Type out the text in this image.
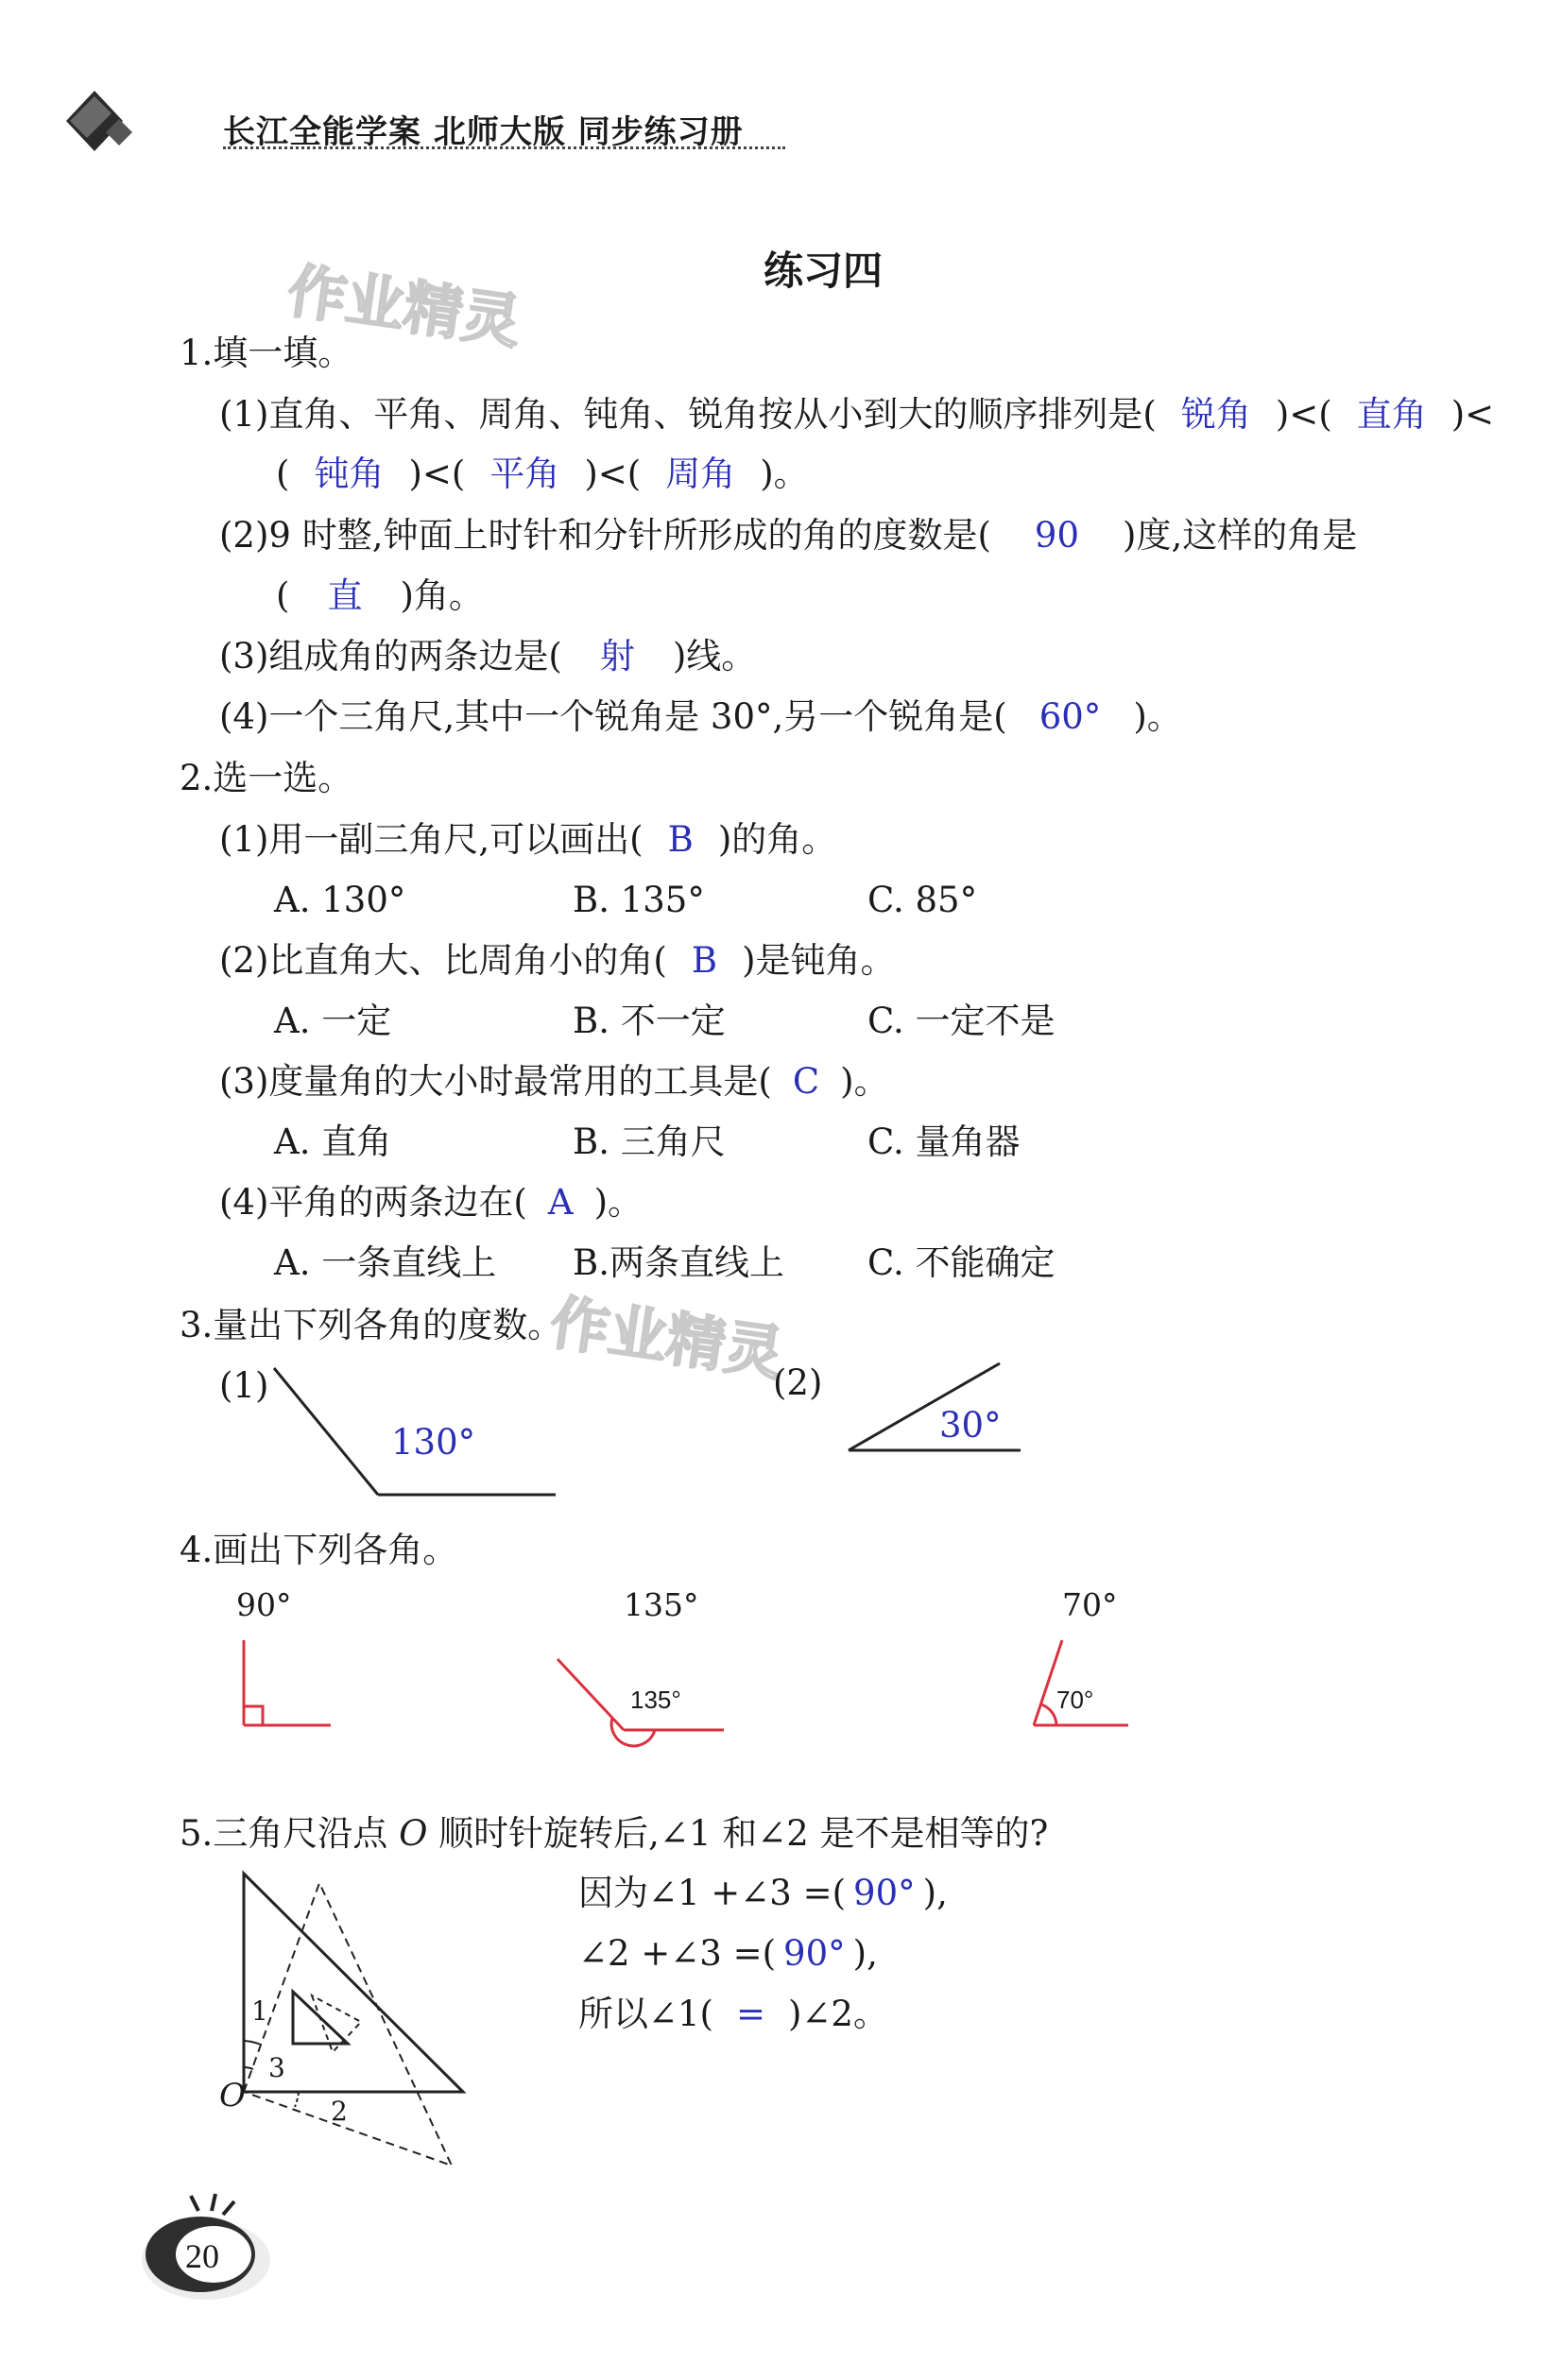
长江全能学案 北师大版 同步练习册
作业精灵
作业精灵
练习四
1.填一填。
(1)直角、平角、周角、钝角、锐角按从小到大的顺序排列是( 锐角 )<( 直角 )<
( 钝角 )<( 平角 )<( 周角 )。
(2)9 时整,钟面上时针和分针所形成的角的度数是( 90 )度,这样的角是
( 直 )角。
(3)组成角的两条边是( 射 )线。
(4)一个三角尺,其中一个锐角是 30°,另一个锐角是( 60° )。
2.选一选。
(1)用一副三角尺,可以画出( B )的角。
A. 130°	B. 135°	C. 85°
(2)比直角大、比周角小的角( B )是钝角。
A. 一定	B. 不一定	C. 一定不是
(3)度量角的大小时最常用的工具是( C )。
A. 直角	B. 三角尺	C. 量角器
(4)平角的两条边在( A )。
A. 一条直线上 B.两条直线上 C. 不能确定
3.量出下列各角的度数。
(1)
130°
(2)
30°
4.画出下列各角。
90°	135°	70°
135°	70°
5.三角尺沿点 O 顺时针旋转后,∠1 和∠2 是不是相等的?
因为∠1 +∠3 =( 90° ),
∠2 +∠3 =( 90° ),
所以∠1( = )∠2。
1
3
O	2
20
